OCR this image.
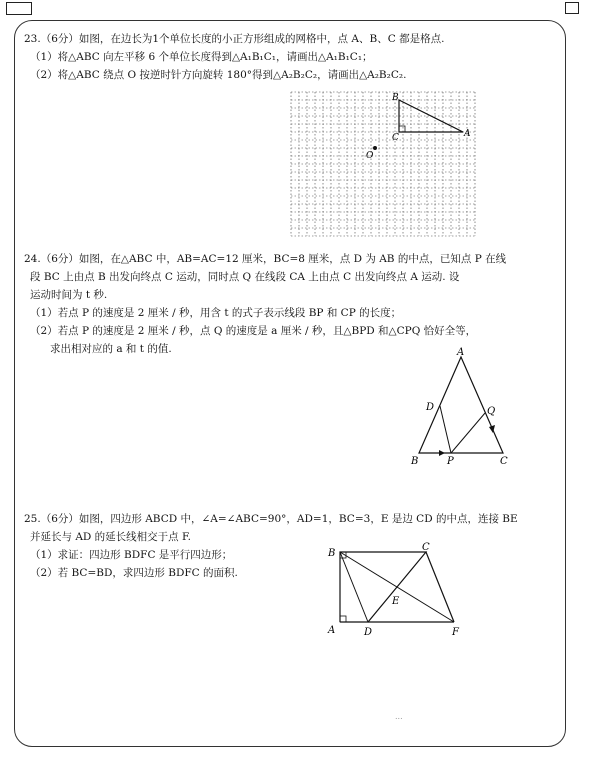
23.（6分）如图，在边长为1个单位长度的小正方形组成的网格中，点 A、B、C 都是格点.
（1）将△ABC 向左平移 6 个单位长度得到△A₁B₁C₁，请画出△A₁B₁C₁；
（2）将△ABC 绕点 O 按逆时针方向旋转 180°得到△A₂B₂C₂，请画出△A₂B₂C₂.
B
C	A
O
24.（6分）如图，在△ABC 中，AB=AC=12 厘米，BC=8 厘米，点 D 为 AB 的中点，已知点 P 在线
段 BC 上由点 B 出发向终点 C 运动，同时点 Q 在线段 CA 上由点 C 出发向终点 A 运动. 设
运动时间为 t 秒.
（1）若点 P 的速度是 2 厘米 / 秒，用含 t 的式子表示线段 BP 和 CP 的长度；
（2）若点 P 的速度是 2 厘米 / 秒，点 Q 的速度是 a 厘米 / 秒，且△BPD 和△CPQ 恰好全等，
求出相对应的 a 和 t 的值.	A
D	Q
B	P	C
25.（6分）如图，四边形 ABCD 中，∠A=∠ABC=90°，AD=1，BC=3，E 是边 CD 的中点，连接 BE
并延长与 AD 的延长线相交于点 F.
（1）求证：四边形 BDFC 是平行四边形；
（2）若 BC=BD，求四边形 BDFC 的面积.
B
C
E
A	D	F
...
